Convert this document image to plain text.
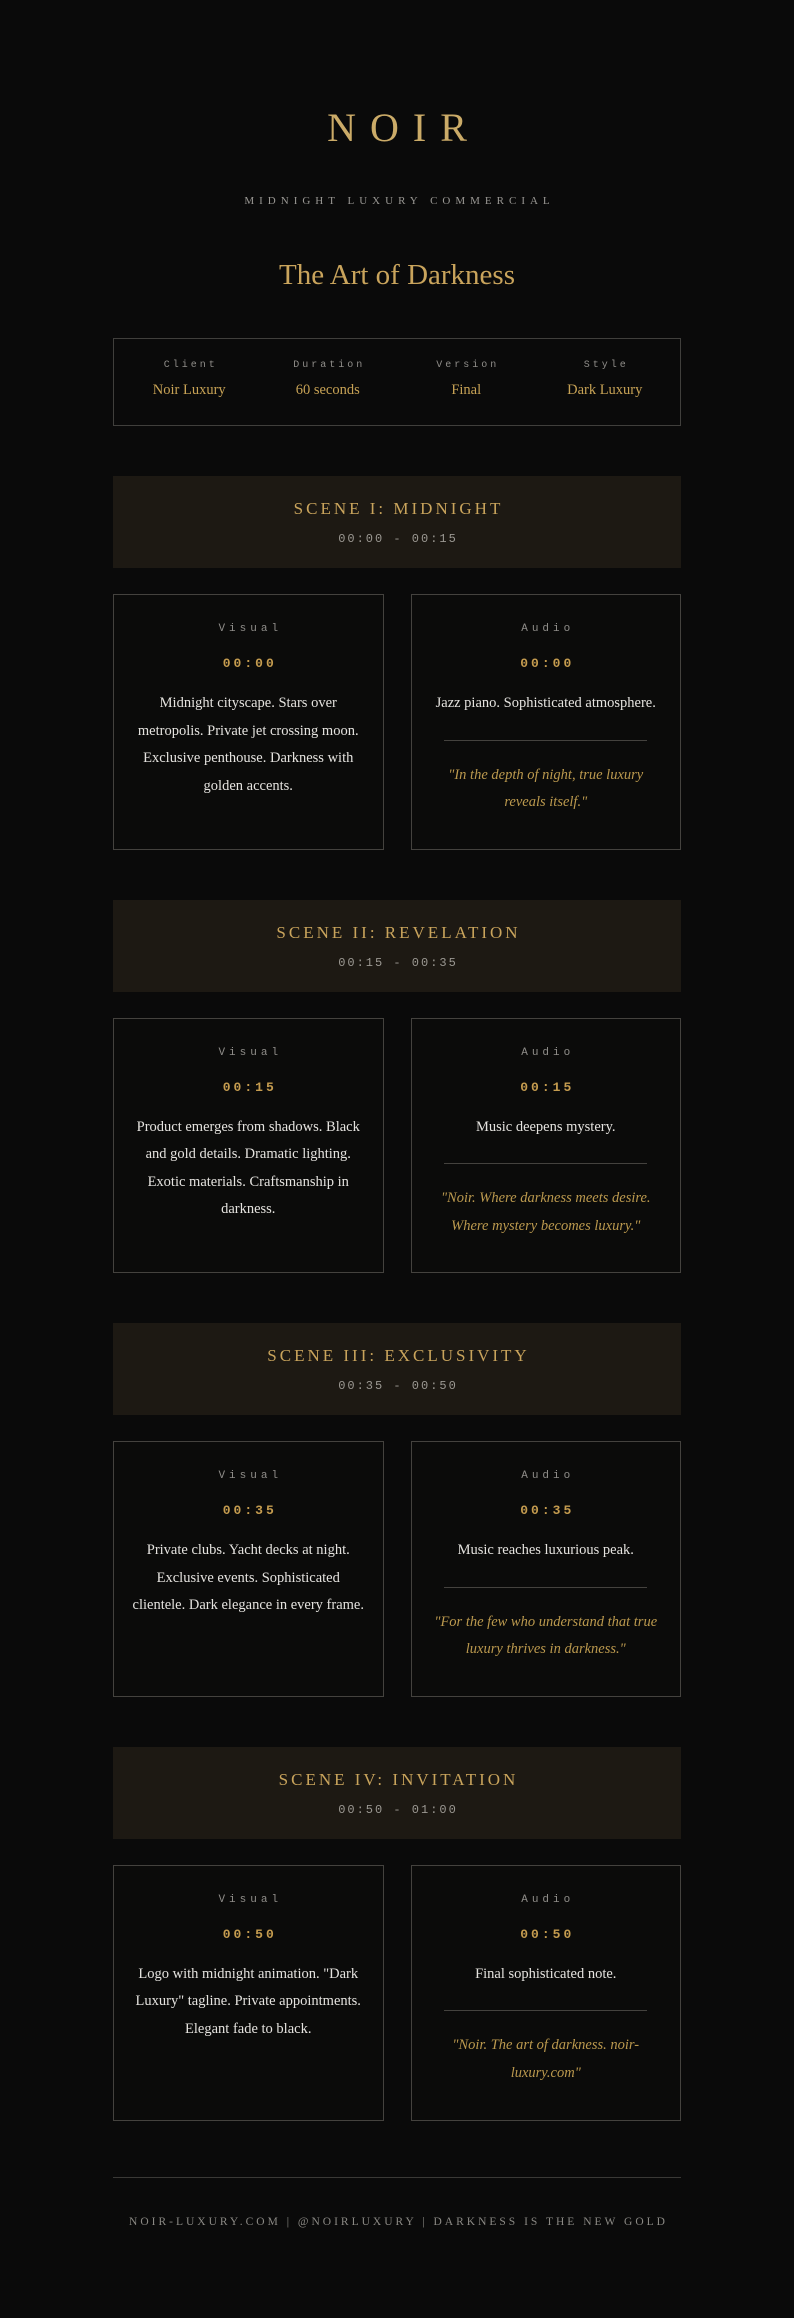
NOIR
MIDNIGHT LUXURY COMMERCIAL
The Art of Darkness
Client
Noir Luxury
Duration
60 seconds
Version
Final
Style
Dark Luxury
SCENE I: MIDNIGHT
00:00 - 00:15
Visual
00:00

Midnight cityscape. Stars over metropolis. Private jet crossing moon. Exclusive penthouse. Darkness with golden accents.

Audio
00:00

Jazz piano. Sophisticated atmosphere.

"In the depth of night, true luxury reveals itself."

SCENE II: REVELATION
00:15 - 00:35
Visual
00:15

Product emerges from shadows. Black and gold details. Dramatic lighting. Exotic materials. Craftsmanship in darkness.

Audio
00:15

Music deepens mystery.

"Noir. Where darkness meets desire. Where mystery becomes luxury."

SCENE III: EXCLUSIVITY
00:35 - 00:50
Visual
00:35

Private clubs. Yacht decks at night. Exclusive events. Sophisticated clientele. Dark elegance in every frame.

Audio
00:35

Music reaches luxurious peak.

"For the few who understand that true luxury thrives in darkness."

SCENE IV: INVITATION
00:50 - 01:00
Visual
00:50

Logo with midnight animation. "Dark Luxury" tagline. Private appointments. Elegant fade to black.

Audio
00:50

Final sophisticated note.

"Noir. The art of darkness. noir-luxury.com"

NOIR-LUXURY.COM | @NOIRLUXURY | DARKNESS IS THE NEW GOLD
